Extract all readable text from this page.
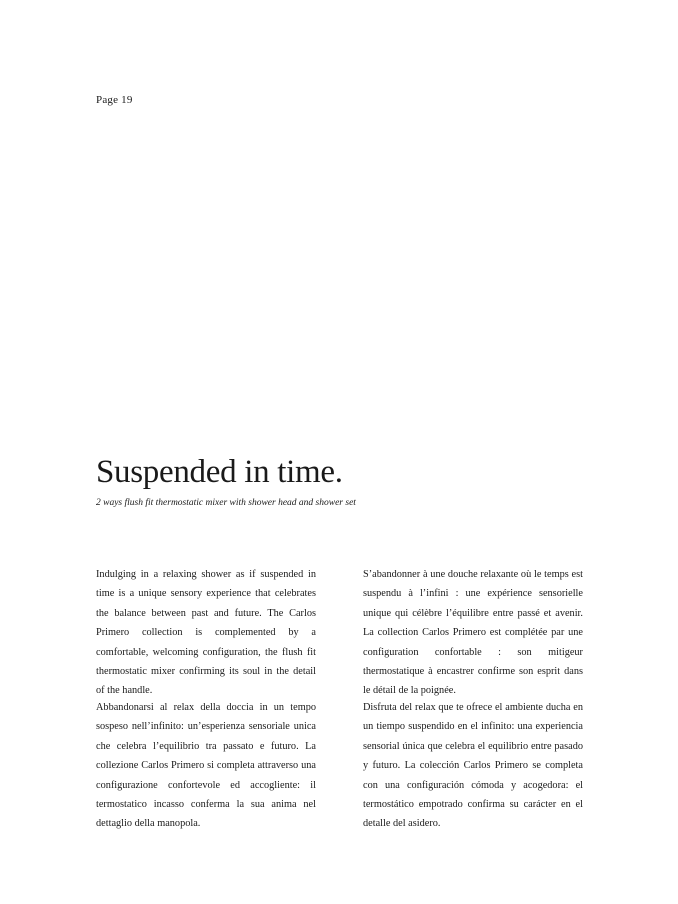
Page 19
Suspended in time.

2 ways flush fit thermostatic mixer with shower head and shower set

Indulging in a relaxing shower as if suspended in time is a unique sensory experience that celebrates the balance between past and future. The Carlos Primero collection is complemented by a comfortable, welcoming configuration, the flush fit thermostatic mixer confirming its soul in the detail of the handle.

S’abandonner à une douche relaxante où le temps est suspendu à l’infini : une expérience sensorielle unique qui célèbre l’équilibre entre passé et avenir. La collection Carlos Primero est complétée par une configuration confortable : son mitigeur thermostatique à encastrer confirme son esprit dans le détail de la poignée.

Abbandonarsi al relax della doccia in un tempo sospeso nell’infinito: un’esperienza sensoriale unica che celebra l’equilibrio tra passato e futuro. La collezione Carlos Primero si completa attraverso una configurazione confortevole ed accogliente: il termostatico incasso conferma la sua anima nel dettaglio della manopola.

Disfruta del relax que te ofrece el ambiente ducha en un tiempo suspendido en el infinito: una experiencia sensorial única que celebra el equilibrio entre pasado y futuro. La colección Carlos Primero se completa con una configuración cómoda y acogedora: el termostático empotrado confirma su carácter en el detalle del asidero.
